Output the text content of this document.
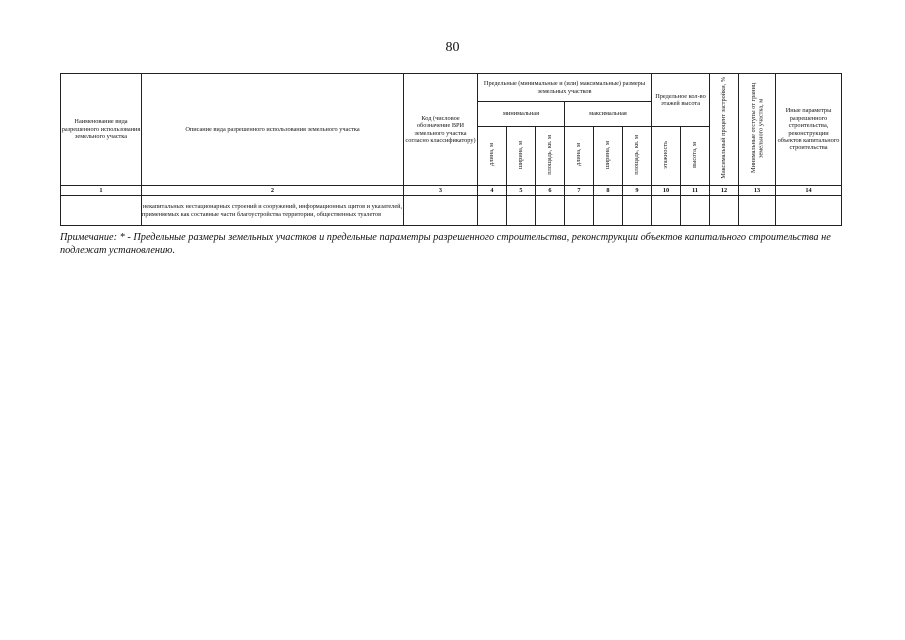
80
Наименование вида разрешенного использования земельного участка	Описание вида разрешенного использования земельного участка	Код (числовое обозначение ВРИ земельного участка согласно классификатору)	Предельные (минимальные и (или) максимальные) размеры земельных участков						Предельное кол-во этажей высота		Максимальный процент застройки, %	Минимальные отступы от границ земельного участка, м	Иные параметры разрешенного строительства, реконструкции объектов капитального строительства
			минимальная			максимальная							
			длина, м	ширина, м	площадь, кв. м	длина, м	ширина, м	площадь, кв. м	этажность	высота, м			
1	2	3	4	5	6	7	8	9	10	11	12	13	14
	некапитальных нестационарных строений и сооружений, информационных щитов и указателей, применяемых как составные части благоустройства территории, общественных туалетов												
Примечание: * - Предельные размеры земельных участков и предельные параметры разрешенного строительства, реконструкции объектов капитального строительства не подлежат установлению.
